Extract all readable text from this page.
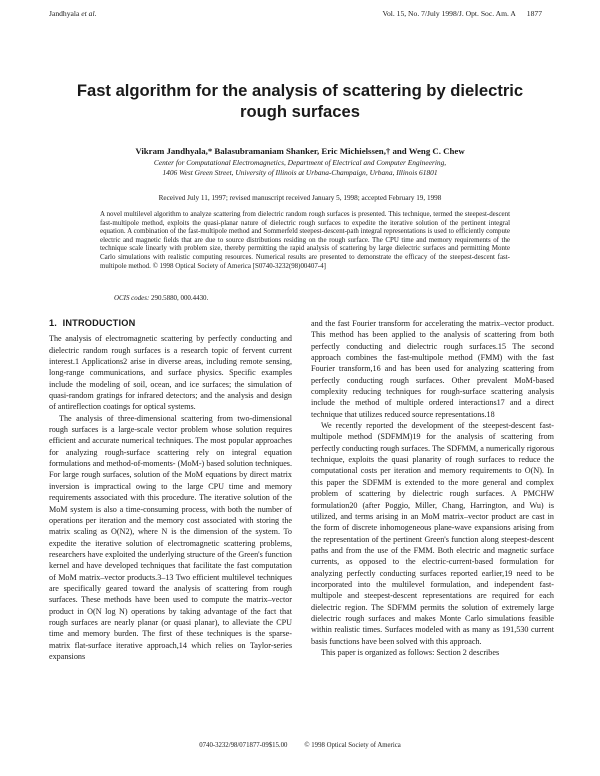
Jandhyala et al.	Vol. 15, No. 7/July 1998/J. Opt. Soc. Am. A      1877
Fast algorithm for the analysis of scattering by dielectric rough surfaces
Vikram Jandhyala,* Balasubramaniam Shanker, Eric Michielssen,† and Weng C. Chew
Center for Computational Electromagnetics, Department of Electrical and Computer Engineering,
1406 West Green Street, University of Illinois at Urbana-Champaign, Urbana, Illinois 61801
Received July 11, 1997; revised manuscript received January 5, 1998; accepted February 19, 1998

A novel multilevel algorithm to analyze scattering from dielectric random rough surfaces is presented. This technique, termed the steepest-descent fast-multipole method, exploits the quasi-planar nature of dielectric rough surfaces to expedite the iterative solution of the pertinent integral equation. A combination of the fast-multipole method and Sommerfeld steepest-descent-path integral representations is used to efficiently compute electric and magnetic fields that are due to source distributions residing on the rough surface. The CPU time and memory requirements of the technique scale linearly with problem size, thereby permitting the rapid analysis of scattering by large dielectric surfaces and permitting Monte Carlo simulations with realistic computing resources. Numerical results are presented to demonstrate the efficacy of the steepest-descent fast-multipole method. © 1998 Optical Society of America [S0740-3232(98)00407-4]

OCIS codes: 290.5880, 000.4430.
1.  INTRODUCTION

The analysis of electromagnetic scattering by perfectly conducting and dielectric random rough surfaces is a research topic of fervent current interest.1 Applications2 arise in diverse areas, including remote sensing, long-range communications, and surface physics. Specific examples include the modeling of soil, ocean, and ice surfaces; the simulation of quasi-random gratings for infrared detectors; and the analysis and design of antireflection coatings for optical systems.

The analysis of three-dimensional scattering from two-dimensional rough surfaces is a large-scale vector problem whose solution requires efficient and accurate numerical techniques. The most popular approaches for analyzing rough-surface scattering rely on integral equation formulations and method-of-moments- (MoM-) based solution techniques. For large rough surfaces, solution of the MoM equations by direct matrix inversion is impractical owing to the large CPU time and memory requirements associated with this procedure. The iterative solution of the MoM system is also a time-consuming process, with both the number of operations per iteration and the memory cost associated with storing the matrix scaling as O(N2), where N is the dimension of the system. To expedite the iterative solution of electromagnetic scattering problems, researchers have exploited the underlying structure of the Green's function kernel and have developed techniques that facilitate the fast computation of MoM matrix–vector products.3–13 Two efficient multilevel techniques are specifically geared toward the analysis of scattering from rough surfaces. These methods have been used to compute the matrix–vector product in O(N log N) operations by taking advantage of the fact that rough surfaces are nearly planar (or quasi planar), to alleviate the CPU time and memory burden. The first of these techniques is the sparse-matrix flat-surface iterative approach,14 which relies on Taylor-series expansions

and the fast Fourier transform for accelerating the matrix–vector product. This method has been applied to the analysis of scattering from both perfectly conducting and dielectric rough surfaces.15 The second approach combines the fast-multipole method (FMM) with the fast Fourier transform,16 and has been used for analyzing scattering from perfectly conducting rough surfaces. Other prevalent MoM-based complexity reducing techniques for rough-surface scattering analysis include the method of multiple ordered interactions17 and a direct technique that utilizes reduced source representations.18

We recently reported the development of the steepest-descent fast-multipole method (SDFMM)19 for the analysis of scattering from perfectly conducting rough surfaces. The SDFMM, a numerically rigorous technique, exploits the quasi planarity of rough surfaces to reduce the computational costs per iteration and memory requirements to O(N). In this paper the SDFMM is extended to the more general and complex problem of scattering by dielectric rough surfaces. A PMCHW formulation20 (after Poggio, Miller, Chang, Harrington, and Wu) is utilized, and terms arising in an MoM matrix–vector product are cast in the form of discrete inhomogeneous plane-wave expansions arising from the representation of the pertinent Green's function along steepest-descent paths and from the use of the FMM. Both electric and magnetic surface currents, as opposed to the electric-current-based formulation for analyzing perfectly conducting surfaces reported earlier,19 need to be incorporated into the multilevel formulation, and independent fast-multipole and steepest-descent representations are required for each dielectric region. The SDFMM permits the solution of extremely large dielectric rough surfaces and makes Monte Carlo simulations feasible within realistic times. Surfaces modeled with as many as 191,530 current basis functions have been solved with this approach.

This paper is organized as follows: Section 2 describes

0740-3232/98/071877-09$15.00          © 1998 Optical Society of America
